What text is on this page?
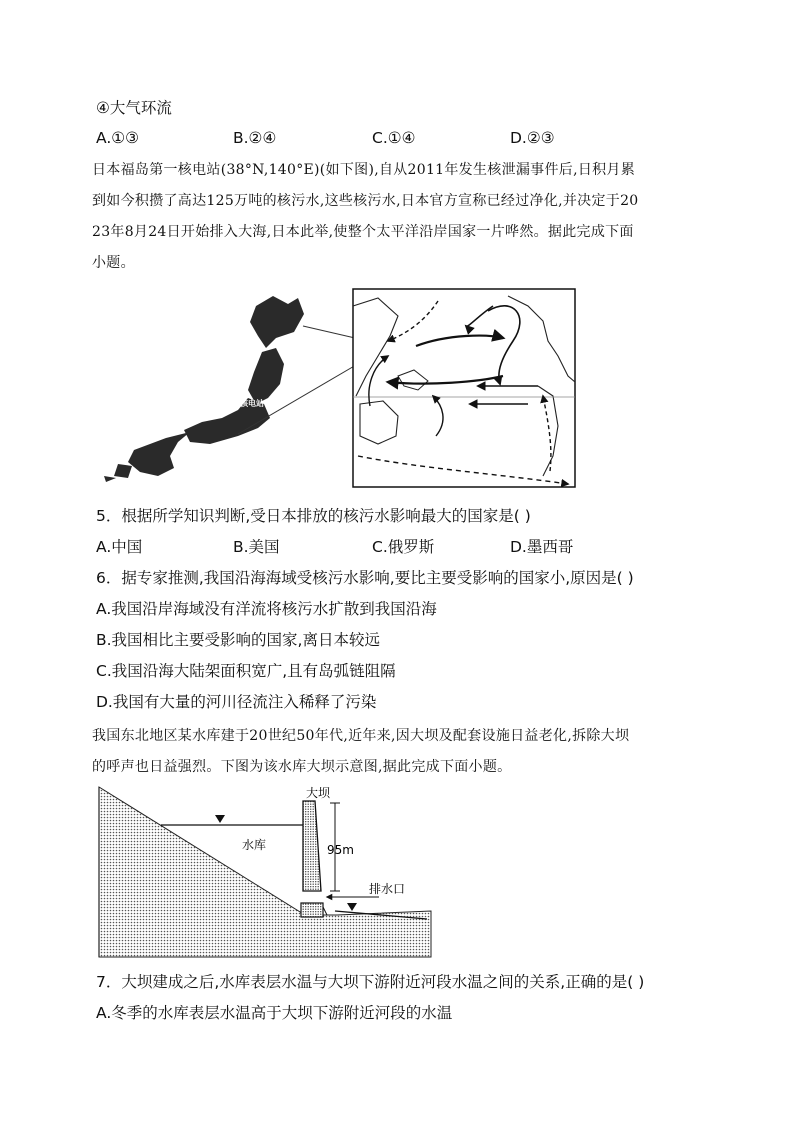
④大气环流
A.①③	B.②④	C.①④	D.②③
日本福岛第一核电站(38°N,140°E)(如下图),自从2011年发生核泄漏事件后,日积月累
到如今积攒了高达125万吨的核污水,这些核污水,日本官方宣称已经过净化,并决定于20
23年8月24日开始排入大海,日本此举,使整个太平洋沿岸国家一片哗然。据此完成下面
小题。
福岛第一核电站
5．根据所学知识判断,受日本排放的核污水影响最大的国家是( )
A.中国	B.美国	C.俄罗斯	D.墨西哥
6．据专家推测,我国沿海海域受核污水影响,要比主要受影响的国家小,原因是( )
A.我国沿岸海域没有洋流将核污水扩散到我国沿海
B.我国相比主要受影响的国家,离日本较远
C.我国沿海大陆架面积宽广,且有岛弧链阻隔
D.我国有大量的河川径流注入稀释了污染
我国东北地区某水库建于20世纪50年代,近年来,因大坝及配套设施日益老化,拆除大坝
的呼声也日益强烈。下图为该水库大坝示意图,据此完成下面小题。
大坝
水库	95m
排水口
7．大坝建成之后,水库表层水温与大坝下游附近河段水温之间的关系,正确的是( )
A.冬季的水库表层水温高于大坝下游附近河段的水温
